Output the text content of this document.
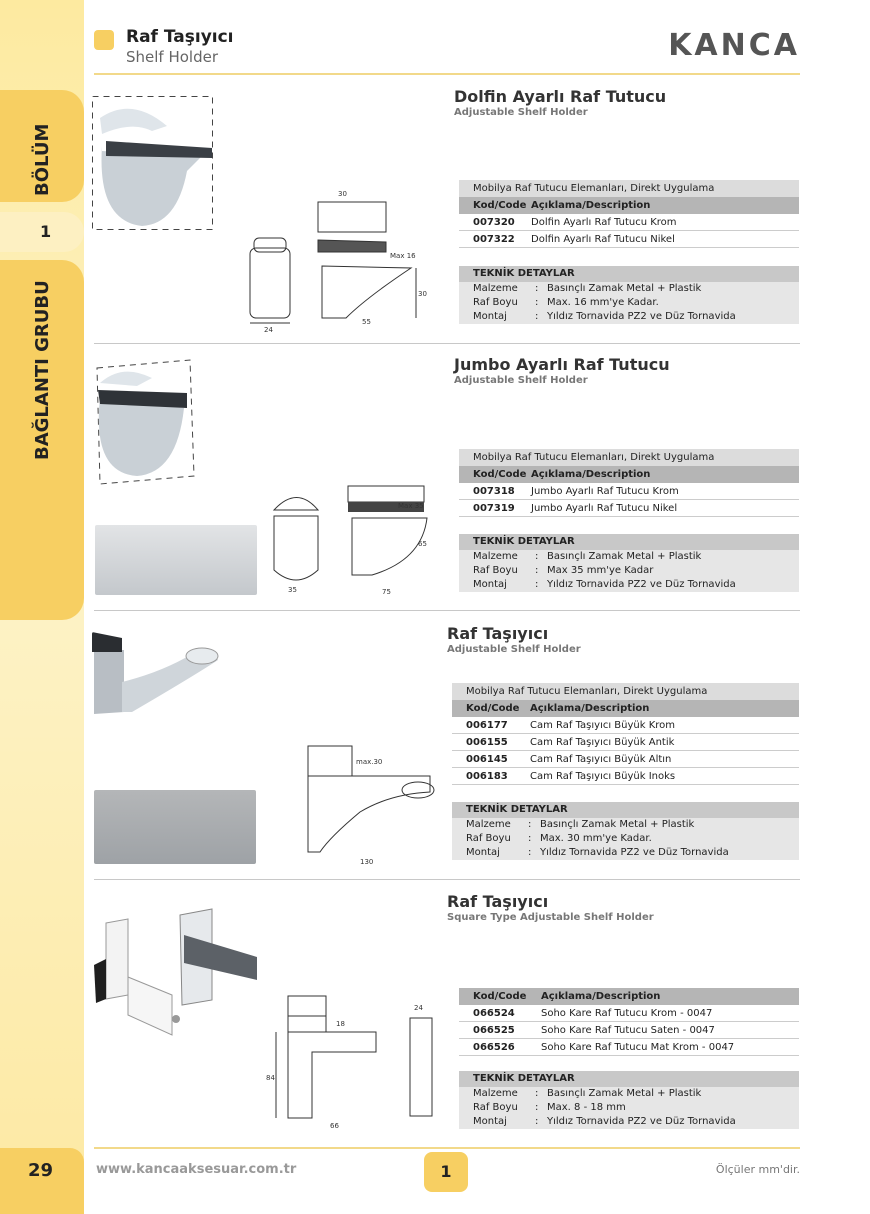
BÖLÜM
1
BAĞLANTI GRUBU
Raf Taşıyıcı
Shelf Holder	KANCA
24
30
Max 16
30
55
Dolfin Ayarlı Raf Tutucu
Adjustable Shelf Holder
Mobilya Raf Tutucu Elemanları, Direkt Uygulama
Kod/Code Açıklama/Description
007320	Dolfin Ayarlı Raf Tutucu Krom
007322	Dolfin Ayarlı Raf Tutucu Nikel
TEKNİK DETAYLAR
Malzeme	: Basınçlı Zamak Metal + Plastik
Raf Boyu	: Max. 16 mm'ye Kadar.
Montaj	: Yıldız Tornavida PZ2 ve Düz Tornavida
35
Max 35
65
75
Jumbo Ayarlı Raf Tutucu
Adjustable Shelf Holder
Mobilya Raf Tutucu Elemanları, Direkt Uygulama
Kod/Code Açıklama/Description
007318	Jumbo Ayarlı Raf Tutucu Krom
007319	Jumbo Ayarlı Raf Tutucu Nikel
TEKNİK DETAYLAR
Malzeme	: Basınçlı Zamak Metal + Plastik
Raf Boyu	: Max 35 mm'ye Kadar
Montaj	: Yıldız Tornavida PZ2 ve Düz Tornavida
max.30
130
Raf Taşıyıcı
Adjustable Shelf Holder
Mobilya Raf Tutucu Elemanları, Direkt Uygulama
Kod/Code	Açıklama/Description
006177	Cam Raf Taşıyıcı Büyük Krom
006155	Cam Raf Taşıyıcı Büyük Antik
006145	Cam Raf Taşıyıcı Büyük Altın
006183	Cam Raf Taşıyıcı Büyük Inoks
TEKNİK DETAYLAR
Malzeme	: Basınçlı Zamak Metal + Plastik
Raf Boyu	: Max. 30 mm'ye Kadar.
Montaj	: Yıldız Tornavida PZ2 ve Düz Tornavida
18
84
66
24
Raf Taşıyıcı
Square Type Adjustable Shelf Holder
Kod/Code	Açıklama/Description
066524	Soho Kare Raf Tutucu Krom - 0047
066525	Soho Kare Raf Tutucu Saten - 0047
066526	Soho Kare Raf Tutucu Mat Krom - 0047
TEKNİK DETAYLAR
Malzeme	: Basınçlı Zamak Metal + Plastik
Raf Boyu	: Max. 8 - 18 mm
Montaj	: Yıldız Tornavida PZ2 ve Düz Tornavida
29	www.kancaaksesuar.com.tr	1	Ölçüler mm'dir.
